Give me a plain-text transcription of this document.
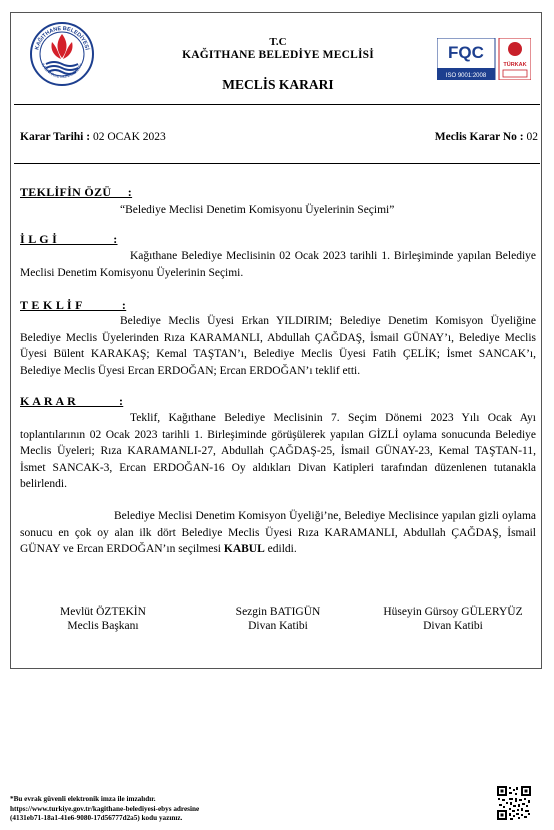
KAĞITHANE BELEDİYESİ
KAĞITHANE MUNICIPALITY
FQC
ISO 9001:2008
TÜRKAK
T.C
KAĞITHANE BELEDİYE MECLİSİ
MECLİS KARARI
Karar Tarihi : 02 OCAK 2023	Meclis Karar No : 02
TEKLİFİN ÖZÜ     :
“Belediye Meclisi Denetim Komisyonu Üyelerinin Seçimi”
İ L G İ                 :
Kağıthane Belediye Meclisinin 02 Ocak 2023 tarihli 1. Birleşiminde yapılan Belediye Meclisi Denetim Komisyonu Üyelerinin Seçimi.
T E K L İ F            :
Belediye Meclis Üyesi Erkan YILDIRIM; Belediye Denetim Komisyon Üyeliğine Belediye Meclis Üyelerinden Rıza KARAMANLI, Abdullah ÇAĞDAŞ, İsmail GÜNAY’ı, Belediye Meclis Üyesi Bülent KARAKAŞ; Kemal TAŞTAN’ı, Belediye Meclis Üyesi Fatih ÇELİK; İsmet SANCAK’ı, Belediye Meclis Üyesi Ercan ERDOĞAN; Ercan ERDOĞAN’ı teklif etti.
K A R A R             :
Teklif, Kağıthane Belediye Meclisinin 7. Seçim Dönemi 2023 Yılı Ocak Ayı toplantılarının 02 Ocak 2023 tarihli 1. Birleşiminde görüşülerek yapılan GİZLİ oylama sonucunda Belediye Meclis Üyeleri; Rıza KARAMANLI-27, Abdullah ÇAĞDAŞ-25, İsmail GÜNAY-23, Kemal TAŞTAN-11, İsmet SANCAK-3, Ercan ERDOĞAN-16 Oy aldıkları Divan Katipleri tarafından düzenlenen tutanakla belirlendi.
Belediye Meclisi Denetim Komisyon Üyeliği’ne, Belediye Meclisince yapılan gizli oylama sonucu en çok oy alan ilk dört Belediye Meclis Üyesi Rıza KARAMANLI, Abdullah ÇAĞDAŞ, İsmail GÜNAY ve Ercan ERDOĞAN’ın seçilmesi KABUL edildi.
Mevlüt ÖZTEKİN
Meclis Başkanı
Sezgin BATIGÜN
Divan Katibi
Hüseyin Gürsoy GÜLERYÜZ
Divan Katibi
*Bu evrak güvenli elektronik imza ile imzalıdır.
https://www.turkiye.gov.tr/kagithane-belediyesi-ebys adresine
(4131eb71-18a1-41e6-9080-17d56777d2a5) kodu yazınız.
